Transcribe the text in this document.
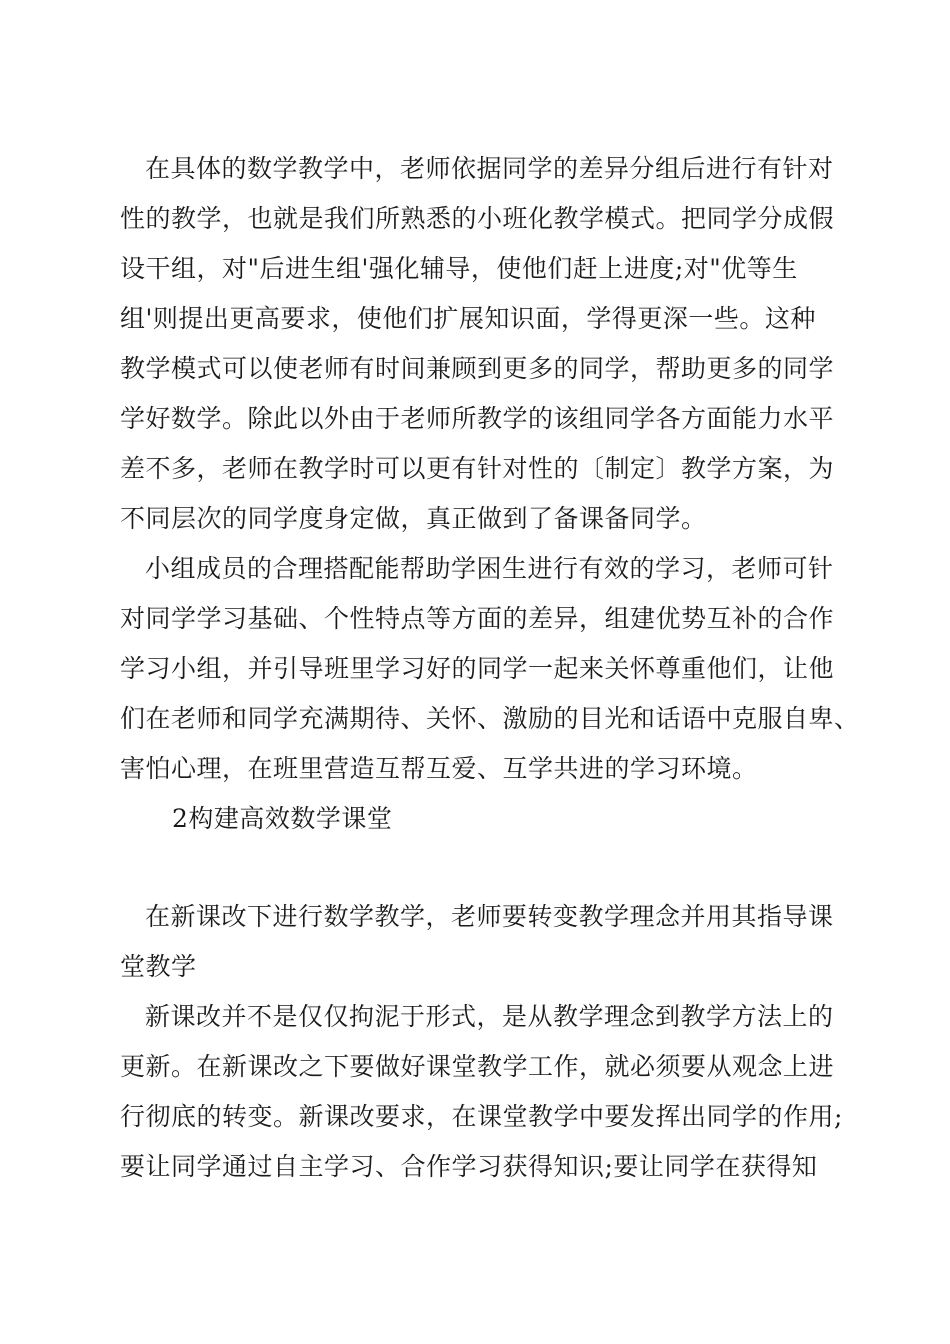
在具体的数学教学中，老师依据同学的差异分组后进行有针对
性的教学，也就是我们所熟悉的小班化教学模式。把同学分成假
设干组，对"后进生组'强化辅导，使他们赶上进度;对"优等生
组'则提出更高要求，使他们扩展知识面，学得更深一些。这种
教学模式可以使老师有时间兼顾到更多的同学，帮助更多的同学
学好数学。除此以外由于老师所教学的该组同学各方面能力水平
差不多，老师在教学时可以更有针对性的〔制定〕教学方案，为
不同层次的同学度身定做，真正做到了备课备同学。
小组成员的合理搭配能帮助学困生进行有效的学习，老师可针
对同学学习基础、个性特点等方面的差异，组建优势互补的合作
学习小组，并引导班里学习好的同学一起来关怀尊重他们，让他
们在老师和同学充满期待、关怀、激励的目光和话语中克服自卑、
害怕心理，在班里营造互帮互爱、互学共进的学习环境。
2构建高效数学课堂
在新课改下进行数学教学，老师要转变教学理念并用其指导课
堂教学
新课改并不是仅仅拘泥于形式，是从教学理念到教学方法上的
更新。在新课改之下要做好课堂教学工作，就必须要从观念上进
行彻底的转变。新课改要求，在课堂教学中要发挥出同学的作用;
要让同学通过自主学习、合作学习获得知识;要让同学在获得知
